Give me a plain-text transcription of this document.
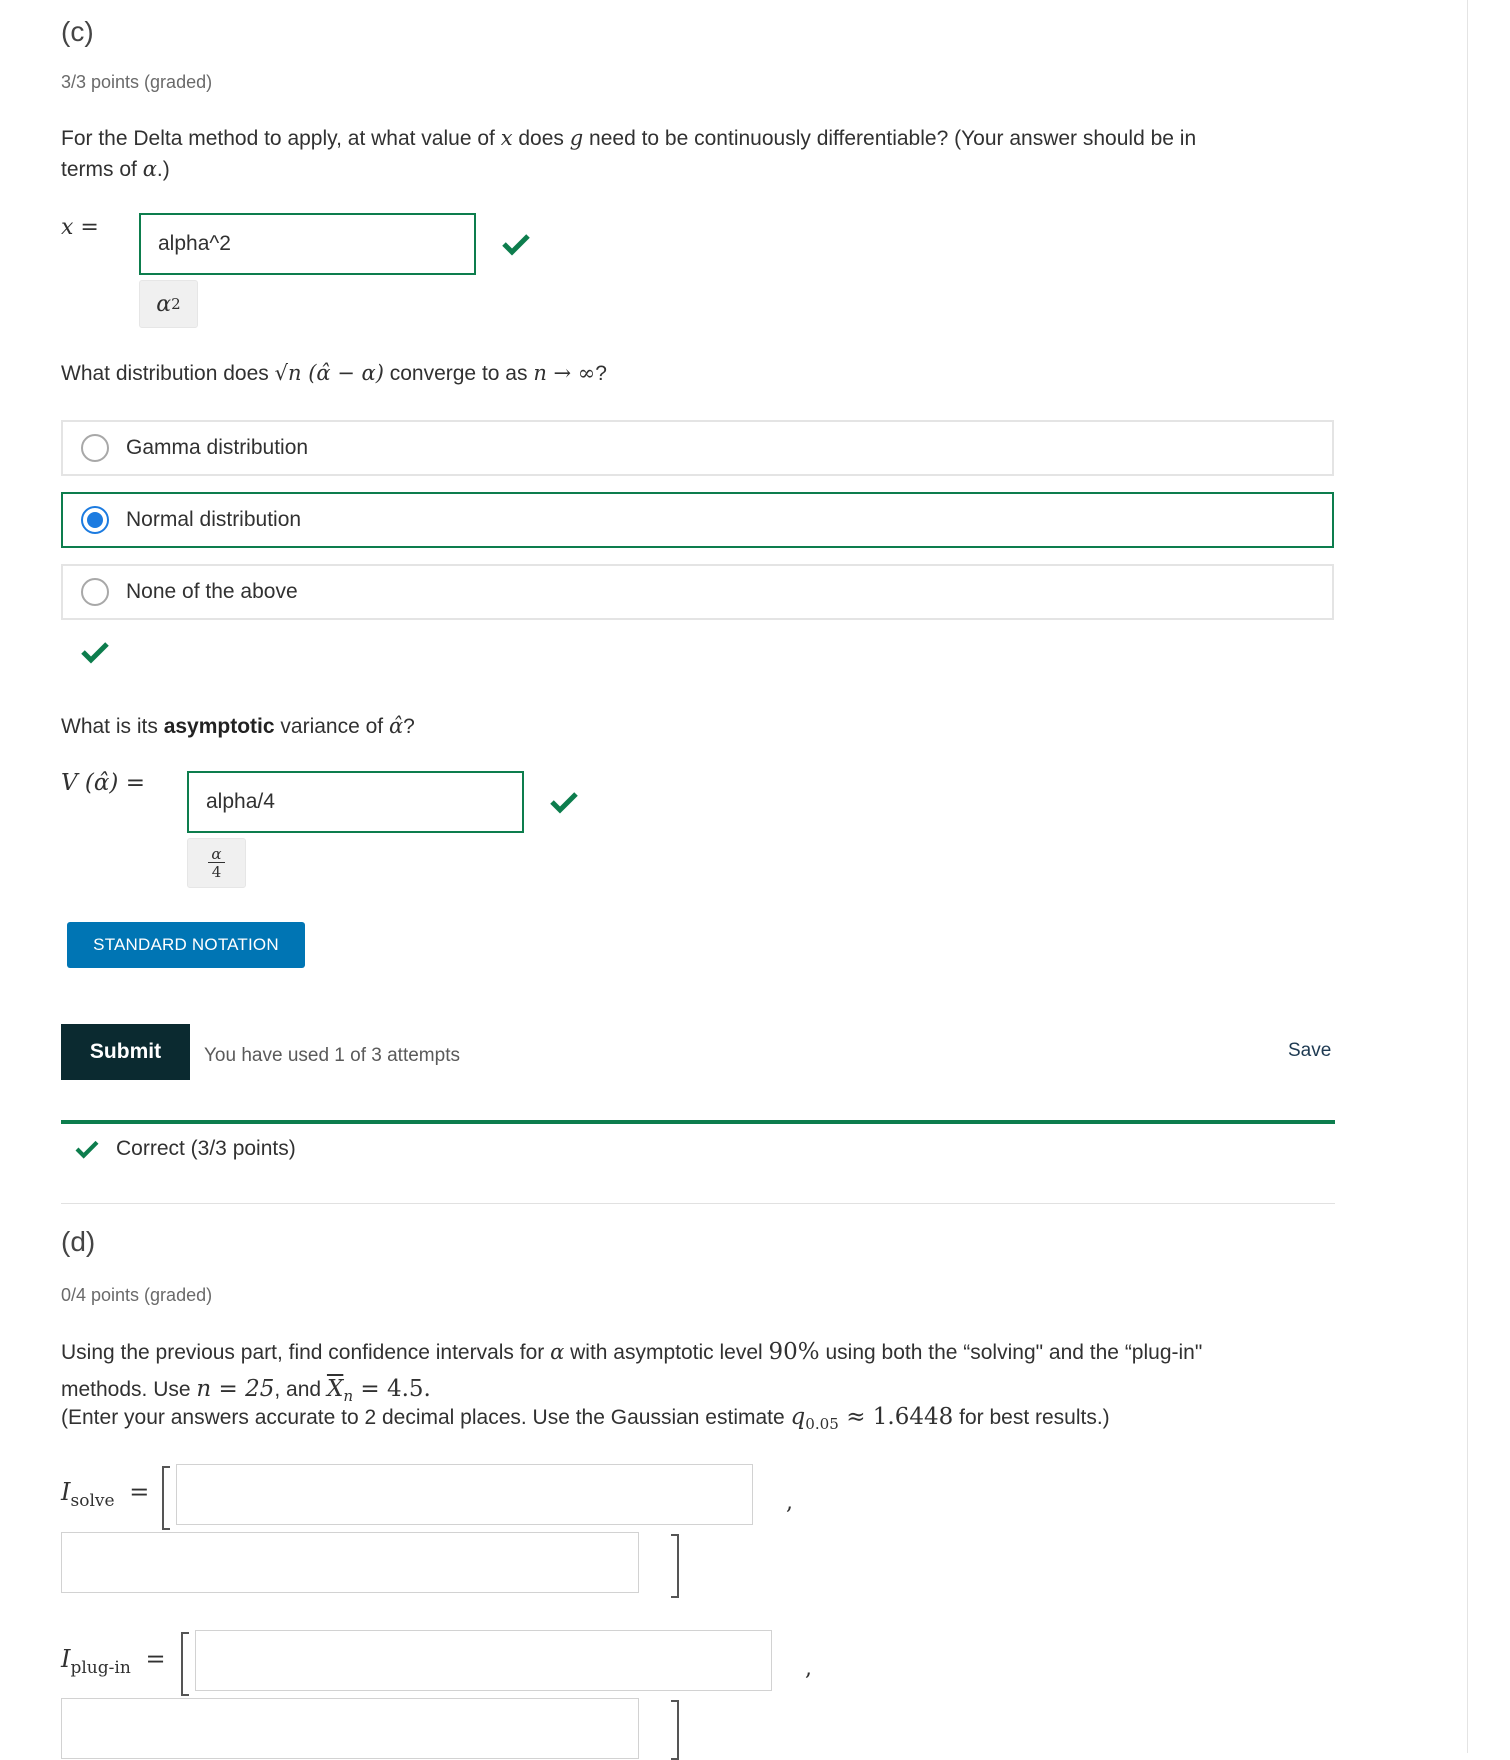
(c)
3/3 points (graded)
For the Delta method to apply, at what value of x does g need to be continuously differentiable? (Your answer should be in
terms of α.)
x =
alpha^2
α 2
What distribution does √n (α̂ − α) converge to as n → ∞?
Gamma distribution
Normal distribution
None of the above
What is its asymptotic variance of α̂?
V (α̂) =
alpha/4
α
4
STANDARD NOTATION
Submit	You have used 1 of 3 attempts	Save
Correct (3/3 points)
(d)
0/4 points (graded)
Using the previous part, find confidence intervals for α with asymptotic level 90% using both the “solving" and the “plug-in"
methods. Use n = 25, and $\overline{X}_n = 4.5$.
(Enter your answers accurate to 2 decimal places. Use the Gaussian estimate $q_{0.05} \approx 1.6448$ for best results.)
$I_{solve}$ =	,
$I_{plug-in}$ =	,
